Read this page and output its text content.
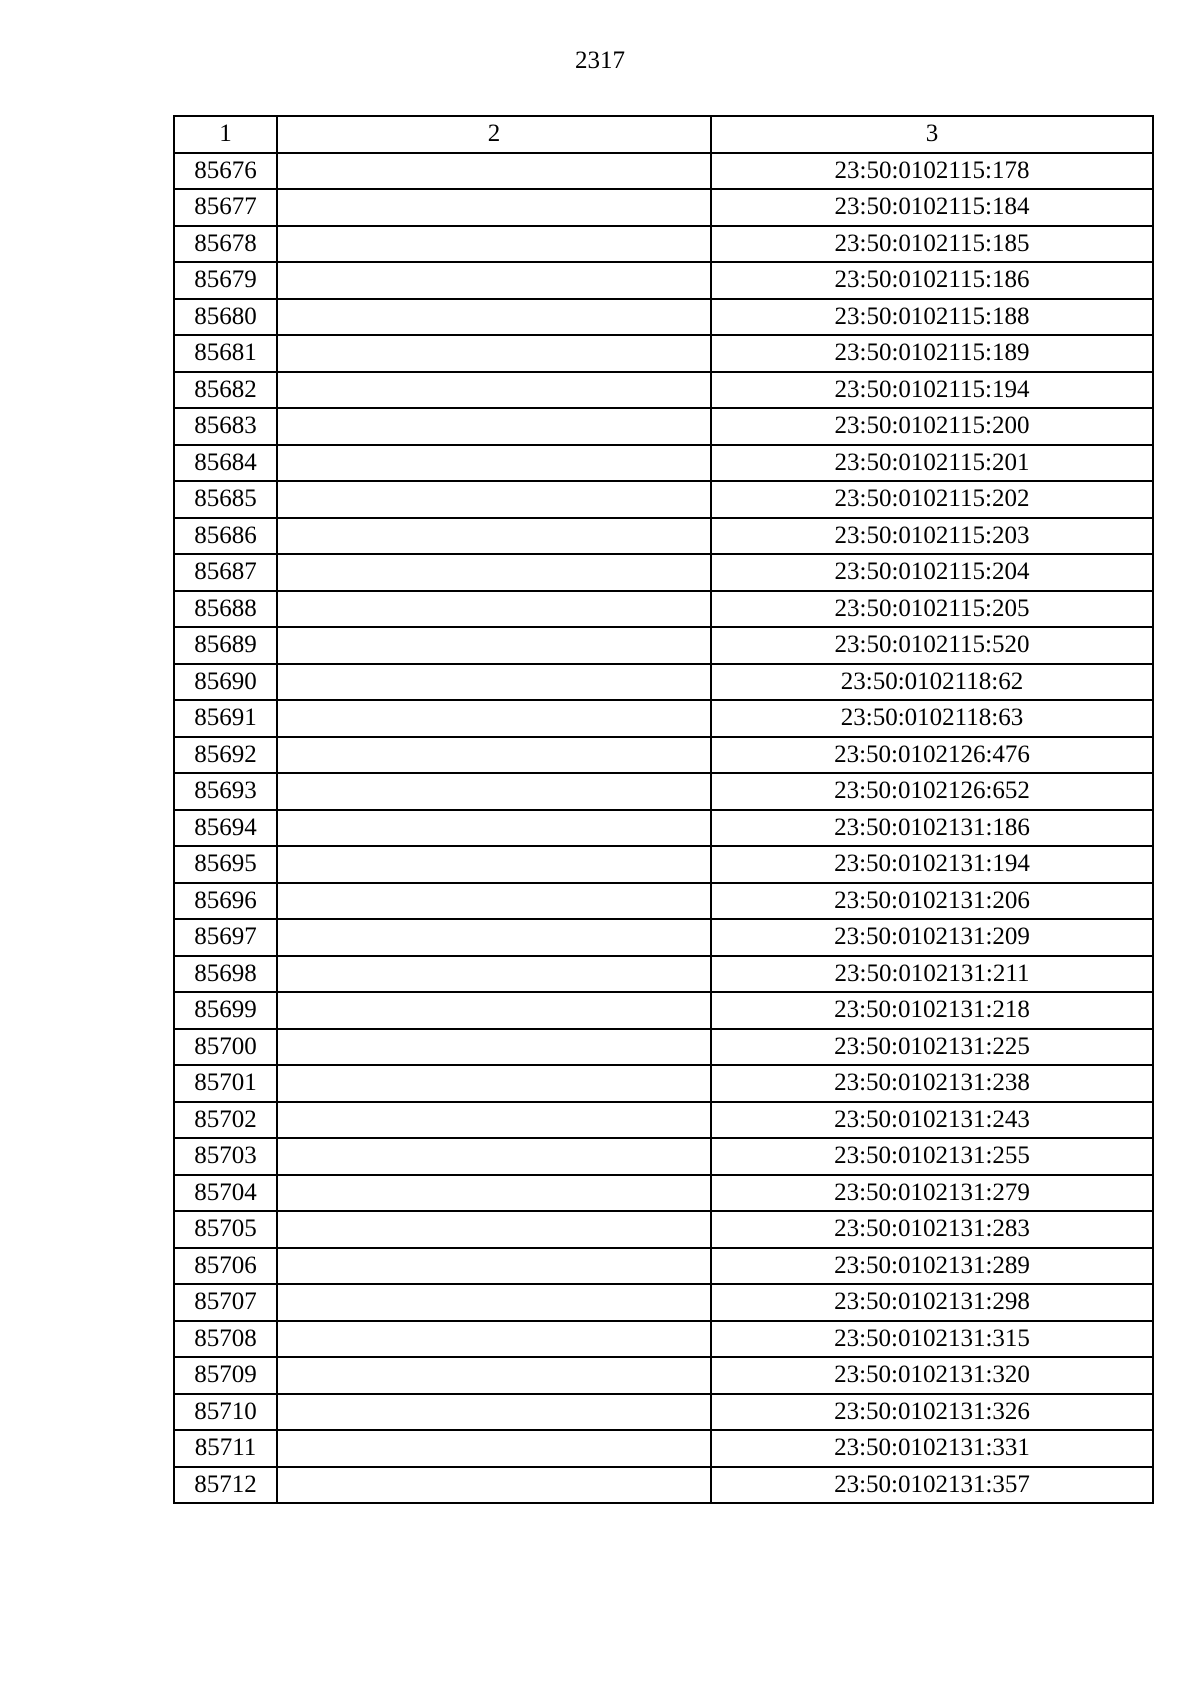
2317
1	2	3
85676		23:50:0102115:178
85677		23:50:0102115:184
85678		23:50:0102115:185
85679		23:50:0102115:186
85680		23:50:0102115:188
85681		23:50:0102115:189
85682		23:50:0102115:194
85683		23:50:0102115:200
85684		23:50:0102115:201
85685		23:50:0102115:202
85686		23:50:0102115:203
85687		23:50:0102115:204
85688		23:50:0102115:205
85689		23:50:0102115:520
85690		23:50:0102118:62
85691		23:50:0102118:63
85692		23:50:0102126:476
85693		23:50:0102126:652
85694		23:50:0102131:186
85695		23:50:0102131:194
85696		23:50:0102131:206
85697		23:50:0102131:209
85698		23:50:0102131:211
85699		23:50:0102131:218
85700		23:50:0102131:225
85701		23:50:0102131:238
85702		23:50:0102131:243
85703		23:50:0102131:255
85704		23:50:0102131:279
85705		23:50:0102131:283
85706		23:50:0102131:289
85707		23:50:0102131:298
85708		23:50:0102131:315
85709		23:50:0102131:320
85710		23:50:0102131:326
85711		23:50:0102131:331
85712		23:50:0102131:357
